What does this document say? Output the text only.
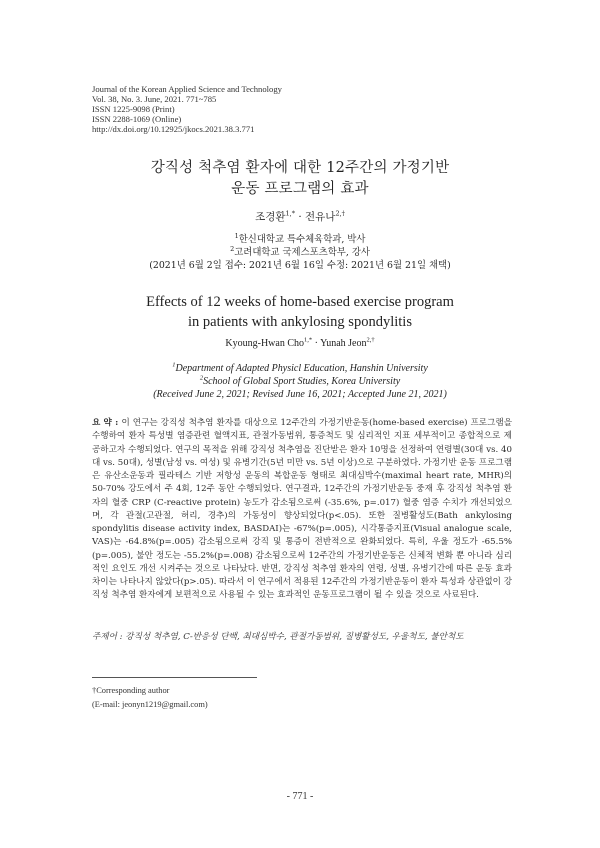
Journal of the Korean Applied Science and Technology
Vol. 38, No. 3. June, 2021. 771~785
ISSN 1225-9098 (Print)
ISSN 2288-1069 (Online)
http://dx.doi.org/10.12925/jkocs.2021.38.3.771
강직성 척추염 환자에 대한 12주간의 가정기반
운동 프로그램의 효과
조경환$^{1,*}$ · 전유나$^{2,\dagger}$
$^1$한신대학교 특수체육학과, 박사
$^2$고려대학교 국제스포츠학부, 강사
(2021년 6월 2일 접수: 2021년 6월 16일 수정: 2021년 6월 21일 채택)
Effects of 12 weeks of home-based exercise program
in patients with ankylosing spondylitis
Kyoung-Hwan Cho$^{1,*}$ · Yunah Jeon$^{2,\dagger}$
$^1$Department of Adapted Physicl Education, Hanshin University
$^2$School of Global Sport Studies, Korea University
(Received June 2, 2021; Revised June 16, 2021; Accepted June 21, 2021)
요 약 : 이 연구는 강직성 척추염 환자를 대상으로 12주간의 가정기반운동(home-based exercise) 프로그램을 수행하여 환자 특성별 염증관련 혈액지표, 관절가동범위, 통증척도 및 심리적인 지표 세부적이고 종합적으로 제공하고자 수행되었다. 연구의 목적을 위해 강직성 척추염을 진단받은 환자 10명을 선정하여 연령별(30대 vs. 40대 vs. 50대), 성별(남성 vs. 여성) 및 유병기간(5년 미만 vs. 5년 이상)으로 구분하였다. 가정기반 운동 프로그램은 유산소운동과 필라테스 기반 저항성 운동의 복합운동 형태로 최대심박수(maximal heart rate, MHR)의 50-70% 강도에서 주 4회, 12주 동안 수행되었다. 연구결과, 12주간의 가정기반운동 중재 후 강직성 척추염 환자의 혈중 CRP (C-reactive protein) 농도가 감소됨으로써 (-35.6%, p=.017) 혈중 염증 수치가 개선되었으며, 각 관절(고관절, 허리, 경추)의 가동성이 향상되었다(p<.05). 또한 질병활성도(Bath ankylosing spondylitis disease activity index, BASDAI)는 -67%(p=.005), 시각통증지표(Visual analogue scale, VAS)는 -64.8%(p=.005) 감소됨으로써 강직 및 통증이 전반적으로 완화되었다. 특히, 우울 정도가 -65.5%(p=.005), 불안 정도는 -55.2%(p=.008) 감소됨으로써 12주간의 가정기반운동은 신체적 변화 뿐 아니라 심리적인 요인도 개선 시켜주는 것으로 나타났다. 반면, 강직성 척추염 환자의 연령, 성별, 유병기간에 따른 운동 효과 차이는 나타나지 않았다(p>.05). 따라서 이 연구에서 적용된 12주간의 가정기반운동이 환자 특성과 상관없이 강직성 척추염 환자에게 보편적으로 사용될 수 있는 효과적인 운동프로그램이 될 수 있을 것으로 사료된다.
주제어 : 강직성 척추염, C-반응성 단백, 최대심박수, 관절가동범위, 질병활성도, 우울척도, 불안척도
†Corresponding author
(E-mail: jeonyn1219@gmail.com)
- 771 -
